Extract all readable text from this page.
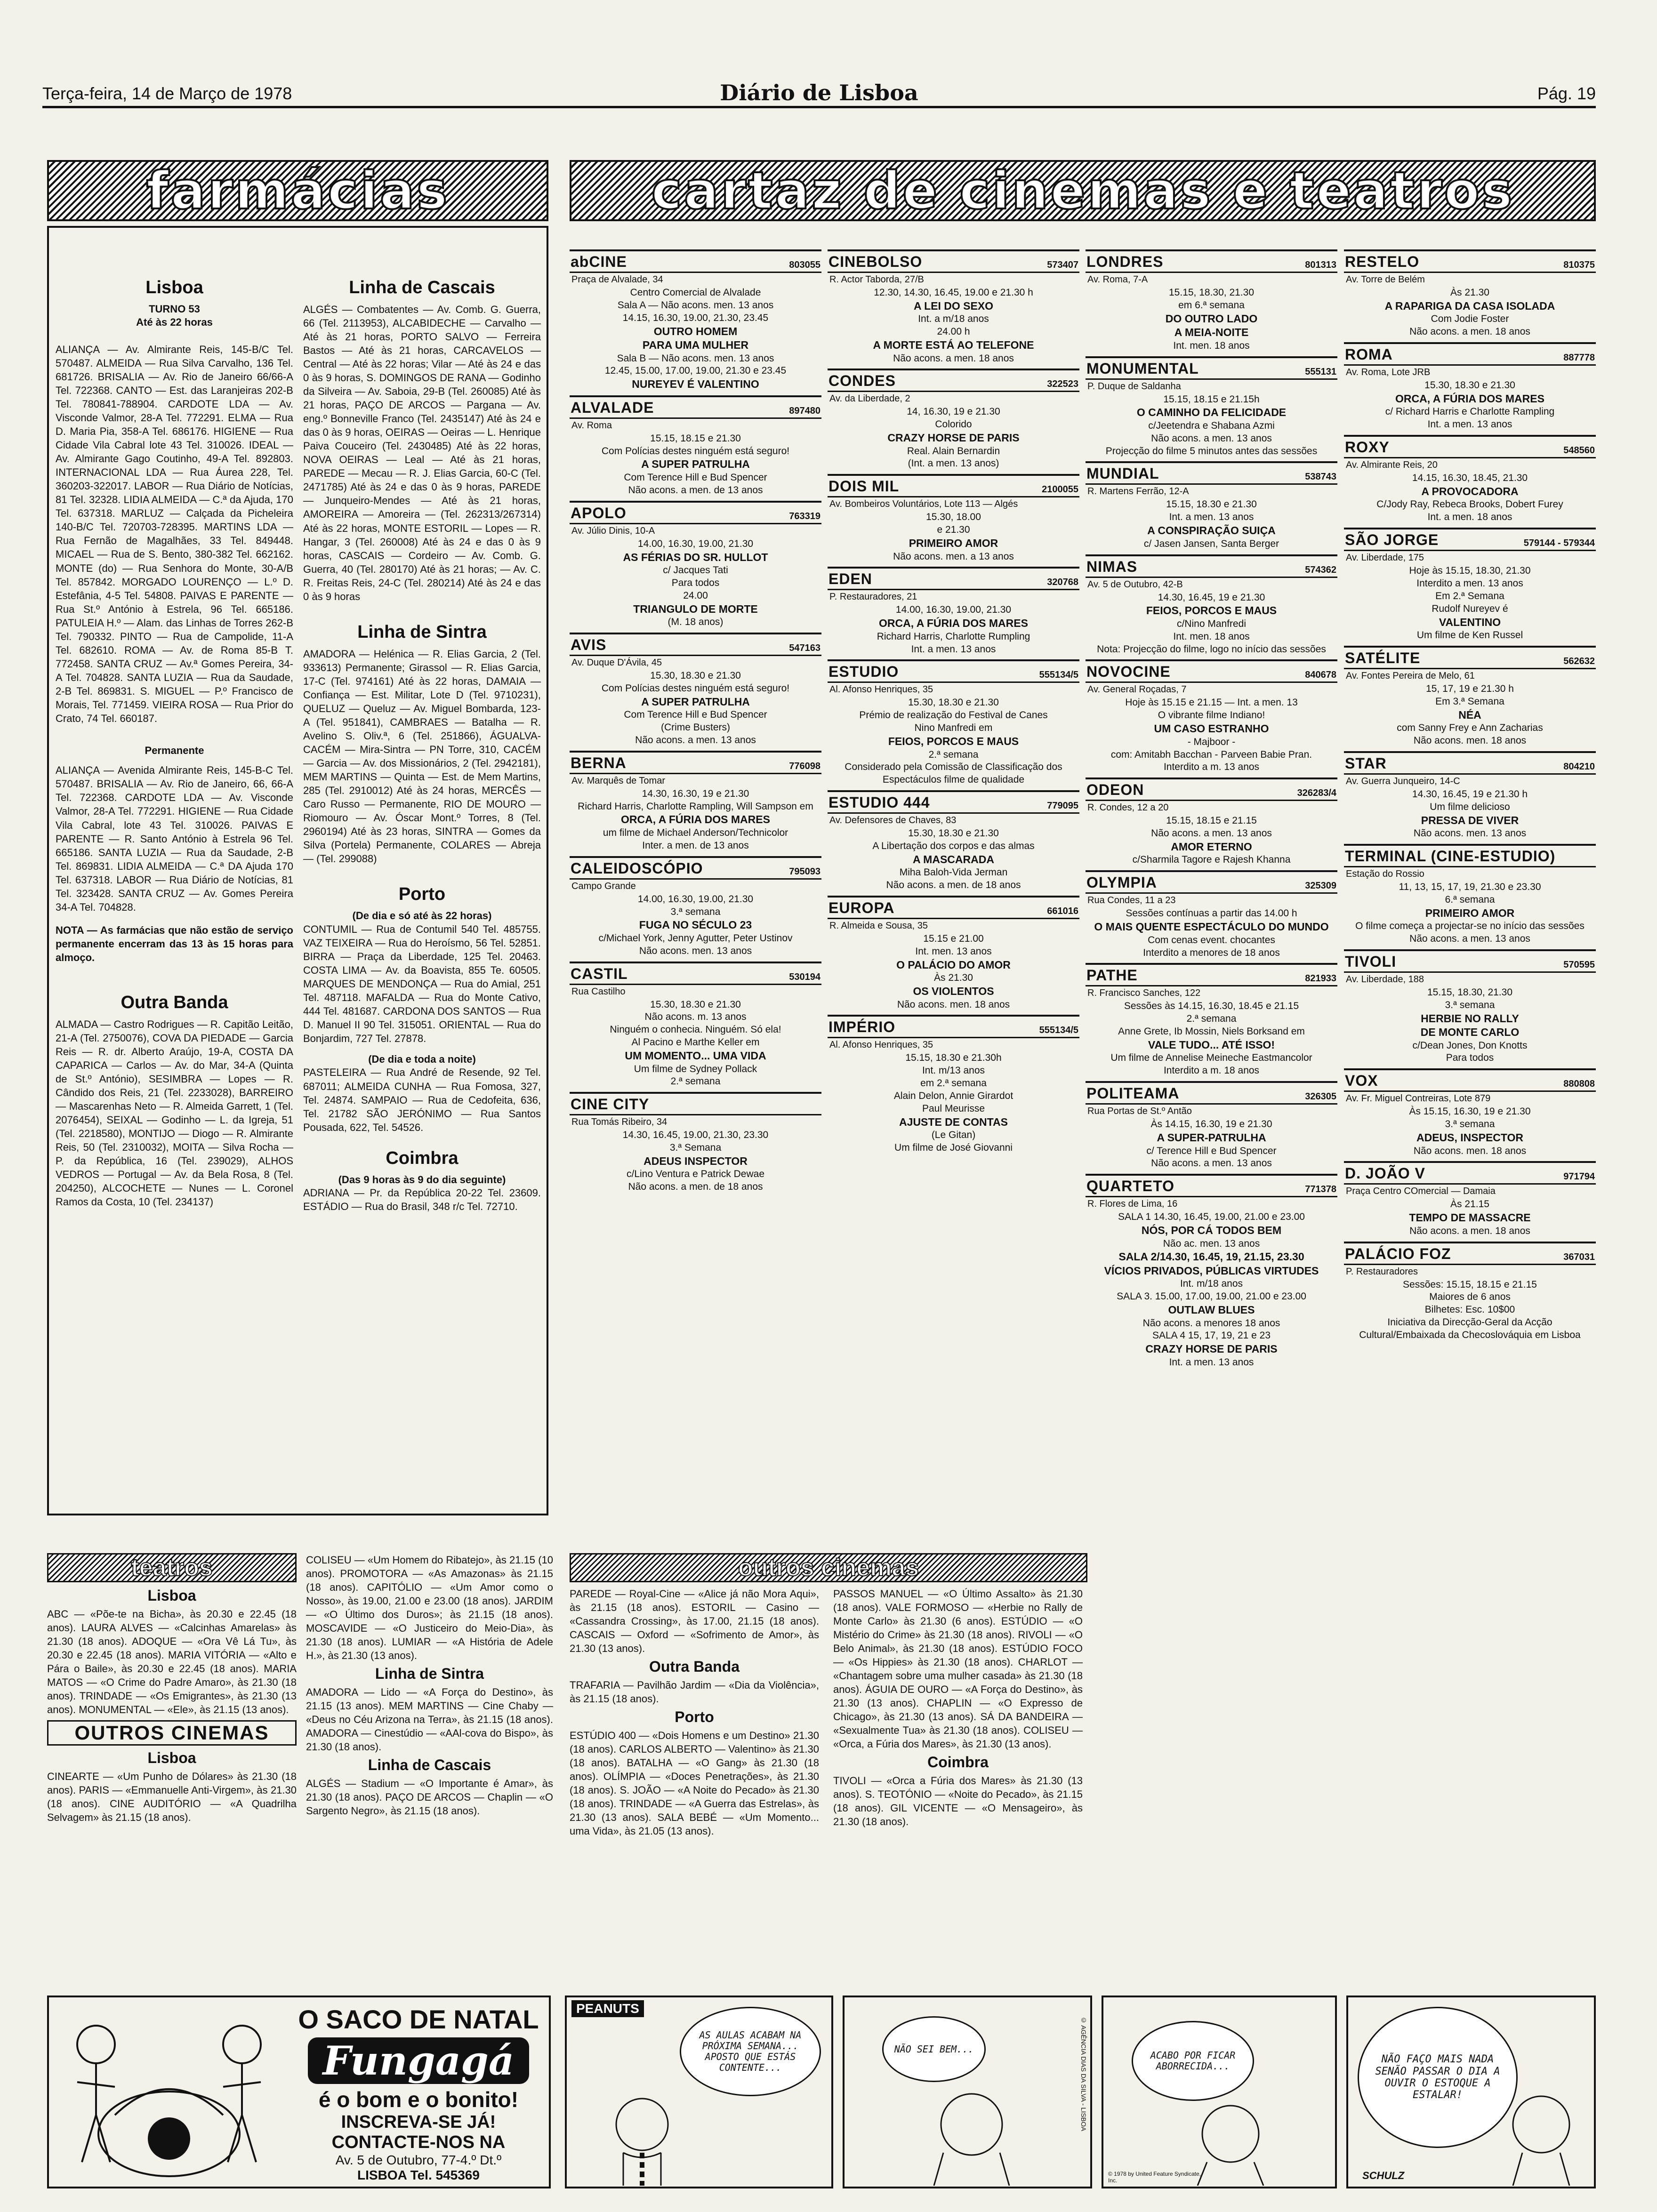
Terça-feira, 14 de Março de 1978	Diário de Lisboa	Pág. 19
farmácias	cartaz de cinemas e teatros
Lisboa
TURNO 53
Até às 22 horas
ALIANÇA — Av. Almirante Reis, 145-B/C Tel. 570487. ALMEIDA — Rua Silva Carvalho, 136 Tel. 681726. BRISALIA — Av. Rio de Janeiro 66/66-A Tel. 722368. CANTO — Est. das Laranjeiras 202-B Tel. 780841-788904. CARDOTE LDA — Av. Visconde Valmor, 28-A Tel. 772291. ELMA — Rua D. Maria Pia, 358-A Tel. 686176. HIGIENE — Rua Cidade Vila Cabral lote 43 Tel. 310026. IDEAL — Av. Almirante Gago Coutinho, 49-A Tel. 892803. INTERNACIONAL LDA — Rua Áurea 228, Tel. 360203-322017. LABOR — Rua Diário de Notícias, 81 Tel. 32328. LIDIA ALMEIDA — C.ª da Ajuda, 170 Tel. 637318. MARLUZ — Calçada da Picheleira 140-B/C Tel. 720703-728395. MARTINS LDA — Rua Fernão de Magalhães, 33 Tel. 849448. MICAEL — Rua de S. Bento, 380-382 Tel. 662162. MONTE (do) — Rua Senhora do Monte, 30-A/B Tel. 857842. MORGADO LOURENÇO — L.º D. Estefânia, 4-5 Tel. 54808. PAIVAS E PARENTE — Rua St.º António à Estrela, 96 Tel. 665186. PATULEIA H.º — Alam. das Linhas de Torres 262-B Tel. 790332. PINTO — Rua de Campolide, 11-A Tel. 682610. ROMA — Av. de Roma 85-B T. 772458. SANTA CRUZ — Av.ª Gomes Pereira, 34-A Tel. 704828. SANTA LUZIA — Rua da Saudade, 2-B Tel. 869831. S. MIGUEL — P.º Francisco de Morais, Tel. 771459. VIEIRA ROSA — Rua Prior do Crato, 74 Tel. 660187.
Permanente
ALIANÇA — Avenida Almirante Reis, 145-B-C Tel. 570487. BRISALIA — Av. Rio de Janeiro, 66, 66-A Tel. 722368. CARDOTE LDA — Av. Visconde Valmor, 28-A Tel. 772291. HIGIENE — Rua Cidade Vila Cabral, lote 43 Tel. 310026. PAIVAS E PARENTE — R. Santo António à Estrela 96 Tel. 665186. SANTA LUZIA — Rua da Saudade, 2-B Tel. 869831. LIDIA ALMEIDA — C.ª DA Ajuda 170 Tel. 637318. LABOR — Rua Diário de Notícias, 81 Tel. 323428. SANTA CRUZ — Av. Gomes Pereira 34-A Tel. 704828.
NOTA — As farmácias que não estão de serviço permanente encerram das 13 às 15 horas para almoço.
Outra Banda
ALMADA — Castro Rodrigues — R. Capitão Leitão, 21-A (Tel. 2750076), COVA DA PIEDADE — Garcia Reis — R. dr. Alberto Araújo, 19-A, COSTA DA CAPARICA — Carlos — Av. do Mar, 34-A (Quinta de St.º António), SESIMBRA — Lopes — R. Cândido dos Reis, 21 (Tel. 2233028), BARREIRO — Mascarenhas Neto — R. Almeida Garrett, 1 (Tel. 2076454), SEIXAL — Godinho — L. da Igreja, 51 (Tel. 2218580), MONTIJO — Diogo — R. Almirante Reis, 50 (Tel. 2310032), MOITA — Silva Rocha — P. da República, 16 (Tel. 239029), ALHOS VEDROS — Portugal — Av. da Bela Rosa, 8 (Tel. 204250), ALCOCHETE — Nunes — L. Coronel Ramos da Costa, 10 (Tel. 234137)
Linha de Cascais
ALGÉS — Combatentes — Av. Comb. G. Guerra, 66 (Tel. 2113953), ALCABIDECHE — Carvalho — Até às 21 horas, PORTO SALVO — Ferreira Bastos — Até às 21 horas, CARCAVELOS — Central — Até às 22 horas; Vilar — Até às 24 e das 0 às 9 horas, S. DOMINGOS DE RANA — Godinho da Silveira — Av. Saboia, 29-B (Tel. 260085) Até às 21 horas, PAÇO DE ARCOS — Pargana — Av. eng.º Bonneville Franco (Tel. 2435147) Até às 24 e das 0 às 9 horas, OEIRAS — Oeiras — L. Henrique Paiva Couceiro (Tel. 2430485) Até às 22 horas, NOVA OEIRAS — Leal — Até às 21 horas, PAREDE — Mecau — R. J. Elias Garcia, 60-C (Tel. 2471785) Até às 24 e das 0 às 9 horas, PAREDE — Junqueiro-Mendes — Até às 21 horas, AMOREIRA — Amoreira — (Tel. 262313/267314) Até às 22 horas, MONTE ESTORIL — Lopes — R. Hangar, 3 (Tel. 260008) Até às 24 e das 0 às 9 horas, CASCAIS — Cordeiro — Av. Comb. G. Guerra, 40 (Tel. 280170) Até às 21 horas; — Av. C. R. Freitas Reis, 24-C (Tel. 280214) Até às 24 e das 0 às 9 horas
Linha de Sintra
AMADORA — Helénica — R. Elias Garcia, 2 (Tel. 933613) Permanente; Girassol — R. Elias Garcia, 17-C (Tel. 974161) Até às 22 horas, DAMAIA — Confiança — Est. Militar, Lote D (Tel. 9710231), QUELUZ — Queluz — Av. Miguel Bombarda, 123-A (Tel. 951841), CAMBRAES — Batalha — R. Avelino S. Oliv.ª, 6 (Tel. 251866), ÁGUALVA-CACÉM — Mira-Sintra — PN Torre, 310, CACÉM — Garcia — Av. dos Missionários, 2 (Tel. 2942181), MEM MARTINS — Quinta — Est. de Mem Martins, 285 (Tel. 2910012) Até às 24 horas, MERCÊS — Caro Russo — Permanente, RIO DE MOURO — Riomouro — Av. Óscar Mont.º Torres, 8 (Tel. 2960194) Até às 23 horas, SINTRA — Gomes da Silva (Portela) Permanente, COLARES — Abreja — (Tel. 299088)
Porto
(De dia e só até às 22 horas)
CONTUMIL — Rua de Contumil 540 Tel. 485755. VAZ TEIXEIRA — Rua do Heroísmo, 56 Tel. 52851. BIRRA — Praça da Liberdade, 125 Tel. 20463. COSTA LIMA — Av. da Boavista, 855 Te. 60505. MARQUES DE MENDONÇA — Rua do Amial, 251 Tel. 487118. MAFALDA — Rua do Monte Cativo, 444 Tel. 481687. CARDONA DOS SANTOS — Rua D. Manuel II 90 Tel. 315051. ORIENTAL — Rua do Bonjardim, 727 Tel. 27878.
(De dia e toda a noite)
PASTELEIRA — Rua André de Resende, 92 Tel. 687011; ALMEIDA CUNHA — Rua Fomosa, 327, Tel. 24874. SAMPAIO — Rua de Cedofeita, 636, Tel. 21782 SÃO JERÓNIMO — Rua Santos Pousada, 622, Tel. 54526.
Coimbra
(Das 9 horas às 9 do dia seguinte)
ADRIANA — Pr. da República 20-22 Tel. 23609. ESTÁDIO — Rua do Brasil, 348 r/c Tel. 72710.
abCINE	803055
Praça de Alvalade, 34
Centro Comercial de Alvalade
Sala A — Não acons. men. 13 anos
14.15, 16.30, 19.00, 21.30, 23.45
OUTRO HOMEM
PARA UMA MULHER
Sala B — Não acons. men. 13 anos
12.45, 15.00, 17.00, 19.00, 21.30 e 23.45
NUREYEV É VALENTINO
ALVALADE	897480
Av. Roma
15.15, 18.15 e 21.30
Com Polícias destes ninguém está seguro!
A SUPER PATRULHA
Com Terence Hill e Bud Spencer
Não acons. a men. de 13 anos
APOLO	763319
Av. Júlio Dinis, 10-A
14.00, 16.30, 19.00, 21.30
AS FÉRIAS DO SR. HULLOT
c/ Jacques Tati
Para todos
24.00
TRIANGULO DE MORTE
(M. 18 anos)
AVIS	547163
Av. Duque D'Ávila, 45
15.30, 18.30 e 21.30
Com Polícias destes ninguém está seguro!
A SUPER PATRULHA
Com Terence Hill e Bud Spencer
(Crime Busters)
Não acons. a men. 13 anos
BERNA	776098
Av. Marquês de Tomar
14.30, 16.30, 19 e 21.30
Richard Harris, Charlotte Rampling, Will Sampson em
ORCA, A FÚRIA DOS MARES
um filme de Michael Anderson/Technicolor
Inter. a men. de 13 anos
CALEIDOSCÓPIO	795093
Campo Grande
14.00, 16.30, 19.00, 21.30
3.ª semana
FUGA NO SÉCULO 23
c/Michael York, Jenny Agutter, Peter Ustinov
Não acons. men. 13 anos
CASTIL	530194
Rua Castilho
15.30, 18.30 e 21.30
Não acons. m. 13 anos
Ninguém o conhecia. Ninguém. Só ela!
Al Pacino e Marthe Keller em
UM MOMENTO... UMA VIDA
Um filme de Sydney Pollack
2.ª semana
CINE CITY
Rua Tomás Ribeiro, 34
14.30, 16.45, 19.00, 21.30, 23.30
3.ª Semana
ADEUS INSPECTOR
c/Lino Ventura e Patrick Dewae
Não acons. a men. de 18 anos
CINEBOLSO	573407
R. Actor Taborda, 27/B
12.30, 14.30, 16.45, 19.00 e 21.30 h
A LEI DO SEXO
Int. a m/18 anos
24.00 h
A MORTE ESTÁ AO TELEFONE
Não acons. a men. 18 anos
CONDES	322523
Av. da Liberdade, 2
14, 16.30, 19 e 21.30
Colorido
CRAZY HORSE DE PARIS
Real. Alain Bernardin
(Int. a men. 13 anos)
DOIS MIL	2100055
Av. Bombeiros Voluntários, Lote 113 — Algés
15.30, 18.00
e 21.30
PRIMEIRO AMOR
Não acons. men. a 13 anos
EDEN	320768
P. Restauradores, 21
14.00, 16.30, 19.00, 21.30
ORCA, A FÚRIA DOS MARES
Richard Harris, Charlotte Rumpling
Int. a men. 13 anos
ESTUDIO	555134/5
Al. Afonso Henriques, 35
15.30, 18.30 e 21.30
Prémio de realização do Festival de Canes
Nino Manfredi em
FEIOS, PORCOS E MAUS
2.ª semana
Considerado pela Comissão de Classificação dos Espectáculos filme de qualidade
ESTUDIO 444	779095
Av. Defensores de Chaves, 83
15.30, 18.30 e 21.30
A Libertação dos corpos e das almas
A MASCARADA
Miha Baloh-Vida Jerman
Não acons. a men. de 18 anos
EUROPA	661016
R. Almeida e Sousa, 35
15.15 e 21.00
Int. men. 13 anos
O PALÁCIO DO AMOR
Às 21.30
OS VIOLENTOS
Não acons. men. 18 anos
IMPÉRIO	555134/5
Al. Afonso Henriques, 35
15.15, 18.30 e 21.30h
Int. m/13 anos
em 2.ª semana
Alain Delon, Annie Girardot
Paul Meurisse
AJUSTE DE CONTAS
(Le Gitan)
Um filme de José Giovanni
LONDRES	801313
Av. Roma, 7-A
15.15, 18.30, 21.30
em 6.ª semana
DO OUTRO LADO
A MEIA-NOITE
Int. men. 18 anos
MONUMENTAL	555131
P. Duque de Saldanha
15.15, 18.15 e 21.15h
O CAMINHO DA FELICIDADE
c/Jeetendra e Shabana Azmi
Não acons. a men. 13 anos
Projecção do filme 5 minutos antes das sessões
MUNDIAL	538743
R. Martens Ferrão, 12-A
15.15, 18.30 e 21.30
Int. a men. 13 anos
A CONSPIRAÇÃO SUIÇA
c/ Jasen Jansen, Santa Berger
NIMAS	574362
Av. 5 de Outubro, 42-B
14.30, 16.45, 19 e 21.30
FEIOS, PORCOS E MAUS
c/Nino Manfredi
Int. men. 18 anos
Nota: Projecção do filme, logo no início das sessões
NOVOCINE	840678
Av. General Roçadas, 7
Hoje às 15.15 e 21.15 — Int. a men. 13
O vibrante filme Indiano!
UM CASO ESTRANHO
- Majboor -
com: Amitabh Bacchan - Parveen Babie Pran.
Interdito a m. 13 anos
ODEON	326283/4
R. Condes, 12 a 20
15.15, 18.15 e 21.15
Não acons. a men. 13 anos
AMOR ETERNO
c/Sharmila Tagore e Rajesh Khanna
OLYMPIA	325309
Rua Condes, 11 a 23
Sessões contínuas a partir das 14.00 h
O MAIS QUENTE ESPECTÁCULO DO MUNDO
Com cenas event. chocantes
Interdito a menores de 18 anos
PATHE	821933
R. Francisco Sanches, 122
Sessões às 14.15, 16.30, 18.45 e 21.15
2.ª semana
Anne Grete, Ib Mossin, Niels Borksand em
VALE TUDO... ATÉ ISSO!
Um filme de Annelise Meineche Eastmancolor
Interdito a m. 18 anos
POLITEAMA	326305
Rua Portas de St.º Antão
Às 14.15, 16.30, 19 e 21.30
A SUPER-PATRULHA
c/ Terence Hill e Bud Spencer
Não acons. a men. 13 anos
QUARTETO	771378
R. Flores de Lima, 16
SALA 1 14.30, 16.45, 19.00, 21.00 e 23.00
NÓS, POR CÁ TODOS BEM
Não ac. men. 13 anos
SALA 2/14.30, 16.45, 19, 21.15, 23.30
VÍCIOS PRIVADOS, PÚBLICAS VIRTUDES
Int. m/18 anos
SALA 3. 15.00, 17.00, 19.00, 21.00 e 23.00
OUTLAW BLUES
Não acons. a menores 18 anos
SALA 4 15, 17, 19, 21 e 23
CRAZY HORSE DE PARIS
Int. a men. 13 anos
RESTELO	810375
Av. Torre de Belém
Às 21.30
A RAPARIGA DA CASA ISOLADA
Com Jodie Foster
Não acons. a men. 18 anos
ROMA	887778
Av. Roma, Lote JRB
15.30, 18.30 e 21.30
ORCA, A FÚRIA DOS MARES
c/ Richard Harris e Charlotte Rampling
Int. a men. 13 anos
ROXY	548560
Av. Almirante Reis, 20
14.15, 16.30, 18.45, 21.30
A PROVOCADORA
C/Jody Ray, Rebeca Brooks, Dobert Furey
Int. a men. 18 anos
SÃO JORGE	579144 - 579344
Av. Liberdade, 175
Hoje às 15.15, 18.30, 21.30
Interdito a men. 13 anos
Em 2.ª Semana
Rudolf Nureyev é
VALENTINO
Um filme de Ken Russel
SATÉLITE	562632
Av. Fontes Pereira de Melo, 61
15, 17, 19 e 21.30 h
Em 3.ª Semana
NÉA
com Sanny Frey e Ann Zacharias
Não acons. men. 18 anos
STAR	804210
Av. Guerra Junqueiro, 14-C
14.30, 16.45, 19 e 21.30 h
Um filme delicioso
PRESSA DE VIVER
Não acons. men. 13 anos
TERMINAL (CINE-ESTUDIO)
Estação do Rossio
11, 13, 15, 17, 19, 21.30 e 23.30
6.ª semana
PRIMEIRO AMOR
O filme começa a projectar-se no início das sessões
Não acons. a men. 13 anos
TIVOLI	570595
Av. Liberdade, 188
15.15, 18.30, 21.30
3.ª semana
HERBIE NO RALLY
DE MONTE CARLO
c/Dean Jones, Don Knotts
Para todos
VOX	880808
Av. Fr. Miguel Contreiras, Lote 879
Às 15.15, 16.30, 19 e 21.30
3.ª semana
ADEUS, INSPECTOR
Não acons. men. 18 anos
D. JOÃO V	971794
Praça Centro COmercial — Damaia
Às 21.15
TEMPO DE MASSACRE
Não acons. a men. 18 anos
PALÁCIO FOZ	367031
P. Restauradores
Sessões: 15.15, 18.15 e 21.15
Maiores de 6 anos
Bilhetes: Esc. 10$00
Iniciativa da Direcção-Geral da Acção Cultural/Embaixada da Checoslováquia em Lisboa
teatros
Lisboa
ABC — «Põe-te na Bicha», às 20.30 e 22.45 (18 anos). LAURA ALVES — «Calcinhas Amarelas» às 21.30 (18 anos). ADOQUE — «Ora Vê Lá Tu», às 20.30 e 22.45 (18 anos). MARIA VITÓRIA — «Alto e Pára o Baile», às 20.30 e 22.45 (18 anos). MARIA MATOS — «O Crime do Padre Amaro», às 21.30 (18 anos). TRINDADE — «Os Emigrantes», às 21.30 (13 anos). MONUMENTAL — «Ele», às 21.15 (13 anos).
OUTROS CINEMAS
Lisboa
CINEARTE — «Um Punho de Dólares» às 21.30 (18 anos). PARIS — «Emmanuelle Anti-Virgem», às 21.30 (18 anos). CINE AUDITÓRIO — «A Quadrilha Selvagem» às 21.15 (18 anos).
COLISEU — «Um Homem do Ribatejo», às 21.15 (10 anos). PROMOTORA — «As Amazonas» às 21.15 (18 anos). CAPITÓLIO — «Um Amor como o Nosso», às 19.00, 21.00 e 23.00 (18 anos). JARDIM — «O Último dos Duros»; às 21.15 (18 anos). MOSCAVIDE — «O Justiceiro do Meio-Dia», às 21.30 (18 anos). LUMIAR — «A História de Adele H.», às 21.30 (13 anos).
Linha de Sintra
AMADORA — Lido — «A Força do Destino», às 21.15 (13 anos). MEM MARTINS — Cine Chaby — «Deus no Céu Arizona na Terra», às 21.15 (18 anos). AMADORA — Cinestúdio — «AAl-cova do Bispo», às 21.30 (18 anos).
Linha de Cascais
ALGÉS — Stadium — «O Importante é Amar», às 21.30 (18 anos). PAÇO DE ARCOS — Chaplin — «O Sargento Negro», às 21.15 (18 anos).
outros cinemas
PAREDE — Royal-Cine — «Alice já não Mora Aqui», às 21.15 (18 anos). ESTORIL — Casino — «Cassandra Crossing», às 17.00, 21.15 (18 anos). CASCAIS — Oxford — «Sofrimento de Amor», às 21.30 (13 anos).
Outra Banda
TRAFARIA — Pavilhão Jardim — «Dia da Violência», às 21.15 (18 anos).
Porto
ESTÚDIO 400 — «Dois Homens e um Destino» 21.30 (18 anos). CARLOS ALBERTO — Valentino» às 21.30 (18 anos). BATALHA — «O Gang» às 21.30 (18 anos). OLÍMPIA — «Doces Penetrações», às 21.30 (18 anos). S. JOÃO — «A Noite do Pecado» às 21.30 (18 anos). TRINDADE — «A Guerra das Estrelas», às 21.30 (13 anos). SALA BEBÉ — «Um Momento... uma Vida», às 21.05 (13 anos).
PASSOS MANUEL — «O Último Assalto» às 21.30 (18 anos). VALE FORMOSO — «Herbie no Rally de Monte Carlo» às 21.30 (6 anos). ESTÚDIO — «O Mistério do Crime» às 21.30 (18 anos). RIVOLI — «O Belo Animal», às 21.30 (18 anos). ESTÚDIO FOCO — «Os Hippies» às 21.30 (18 anos). CHARLOT — «Chantagem sobre uma mulher casada» às 21.30 (18 anos). ÁGUIA DE OURO — «A Força do Destino», às 21.30 (13 anos). CHAPLIN — «O Expresso de Chicago», às 21.30 (13 anos). SÁ DA BANDEIRA — «Sexualmente Tua» às 21.30 (18 anos). COLISEU — «Orca, a Fúria dos Mares», às 21.30 (13 anos).
Coimbra
TIVOLI — «Orca a Fúria dos Mares» às 21.30 (13 anos). S. TEOTÓNIO — «Noite do Pecado», às 21.15 (18 anos). GIL VICENTE — «O Mensageiro», às 21.30 (18 anos).
O SACO DE NATAL
Fungagá
é o bom e o bonito!
INSCREVA-SE JÁ!
CONTACTE-NOS NA
Av. 5 de Outubro, 77-4.º Dt.º
LISBOA Tel. 545369
PEANUTS
AS AULAS ACABAM NA PRÓXIMA SEMANA... APOSTO QUE ESTÁS CONTENTE...
NÃO SEI BEM...	© AGÊNCIA DIAS DA SILVA - LISBOA	ACABO POR FICAR ABORRECIDA...
© 1978 by United Feature Syndicate, Inc.
NÃO FAÇO MAIS NADA SENÃO PASSAR O DIA A OUVIR O ESTOQUE A ESTALAR!
SCHULZ
